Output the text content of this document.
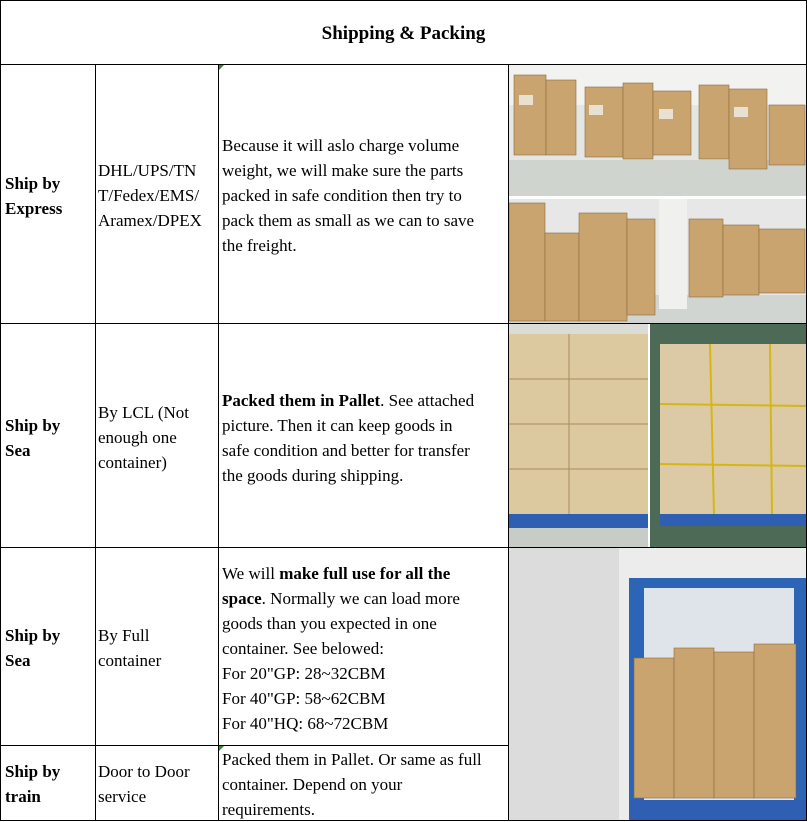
Shipping & Packing
Ship by
Express
DHL/UPS/TN
T/Fedex/EMS/
Aramex/DPEX
Because it will aslo charge volume
weight, we will make sure the parts
packed in safe condition then try to
pack them as small as we can to save
the freight.
Ship by
Sea
By LCL (Not
enough one
container)
Packed them in Pallet. See attached
picture. Then it can keep goods in
safe condition and better for transfer
the goods during shipping.
Ship by
Sea
By Full
container
We will make full use for all the
space. Normally we can load more
goods than you expected in one
container. See belowed:
For 20"GP: 28~32CBM
For 40"GP: 58~62CBM
For 40"HQ: 68~72CBM
Ship by
train
Door to Door
service
Packed them in Pallet. Or same as full
container. Depend on your
requirements.
